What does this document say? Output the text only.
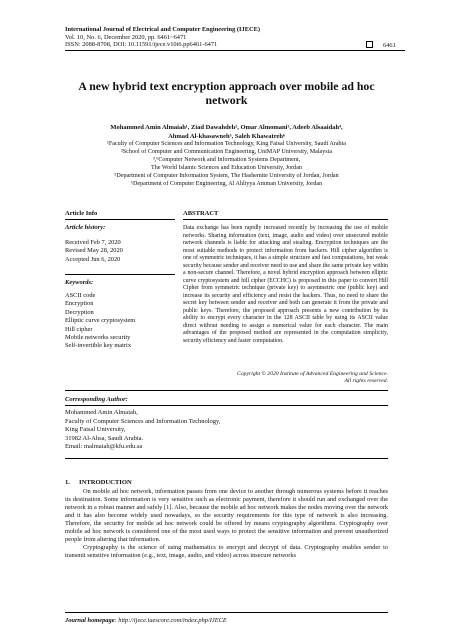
International Journal of Electrical and Computer Engineering (IJECE)
Vol. 10, No. 6, December 2020, pp. 6461~6471
ISSN: 2088-8708, DOI: 10.11591/ijece.v10i6.pp6461-6471	6461
A new hybrid text encryption approach over mobile ad hoc network
Mohammed Amin Almaiah¹, Ziad Dawahdeh², Omar Almomani³, Adeeb Alsaaidah⁴,
Ahmad Al-khasawneh⁵, Saleh Khawatreh⁶
¹Faculty of Computer Sciences and Information Technology, King Faisal University, Saudi Arabia
²School of Computer and Communication Engineering, UniMAP University, Malaysia
³,⁶Computer Network and Information Systems Department,
The World Islamic Sciences and Education University, Jordan
⁵Department of Computer Information System, The Hashemite University of Jordan, Jordan
⁶Department of Computer Engineering, Al Ahliyya Amman University, Jordan
Article Info	ABSTRACT
Article history:
Received Feb 7, 2020
Revised May 28, 2020
Accepted Jun 6, 2020
Keywords:
ASCII code
Encryption
Decryption
Elliptic curve cryptosystem
Hill cipher
Mobile networks security
Self-invertible key matrix
Data exchange has been rapidly increased recently by increasing the use of mobile networks. Sharing information (text, image, audio and video) over unsecured mobile network channels is liable for attacking and stealing. Encryption techniques are the most suitable methods to protect information from hackers. Hill cipher algorithm is one of symmetric techniques, it has a simple structure and fast computations, but weak security because sender and receiver need to use and share the same private key within a non-secure channel. Therefore, a novel hybrid encryption approach between elliptic curve cryptosystem and hill cipher (ECCHC) is proposed in this paper to convert Hill Cipher from symmetric technique (private key) to asymmetric one (public key) and increase its security and efficiency and resist the hackers. Thus, no need to share the secret key between sender and receiver and both can generate it from the private and public keys. Therefore, the proposed approach presents a new contribution by its ability to encrypt every character in the 128 ASCII table by using its ASCII value direct without needing to assign a numerical value for each character. The main advantages of the proposed method are represented in the computation simplicity, security efficiency and faster computation.
Copyright © 2020 Institute of Advanced Engineering and Science.
All rights reserved.
Corresponding Author:
Mohammed Amin Almaiah,
Faculty of Computer Sciences and Information Technology,
King Faisal University,
31982 Al-Ahsa, Saudi Arabia.
Email: malmaiah@kfu.edu.sa
1. INTRODUCTION

On mobile ad hoc network, information passes from one device to another through numerous systems before it reaches its destination. Some information is very sensitive such as electronic payment, therefore it should run and exchanged over the network in a robust manner and safely [1]. Also, because the mobile ad hoc network makes the nodes moving over the network and it has also become widely used nowadays, so the security requirements for this type of network is also increasing. Therefore, the security for mobile ad hoc network could be offered by means cryptography algorithms. Cryptography over mobile ad hoc network is considered one of the most used ways to protect the sensitive information and prevent unauthorized people from altering that information.

Cryptography is the science of using mathematics to encrypt and decrypt of data. Cryptography enables sender to transmit sensitive information (e.g., text, image, audio, and video) across insecure networks

Journal homepage: http://ijece.iaescore.com/index.php/IJECE
